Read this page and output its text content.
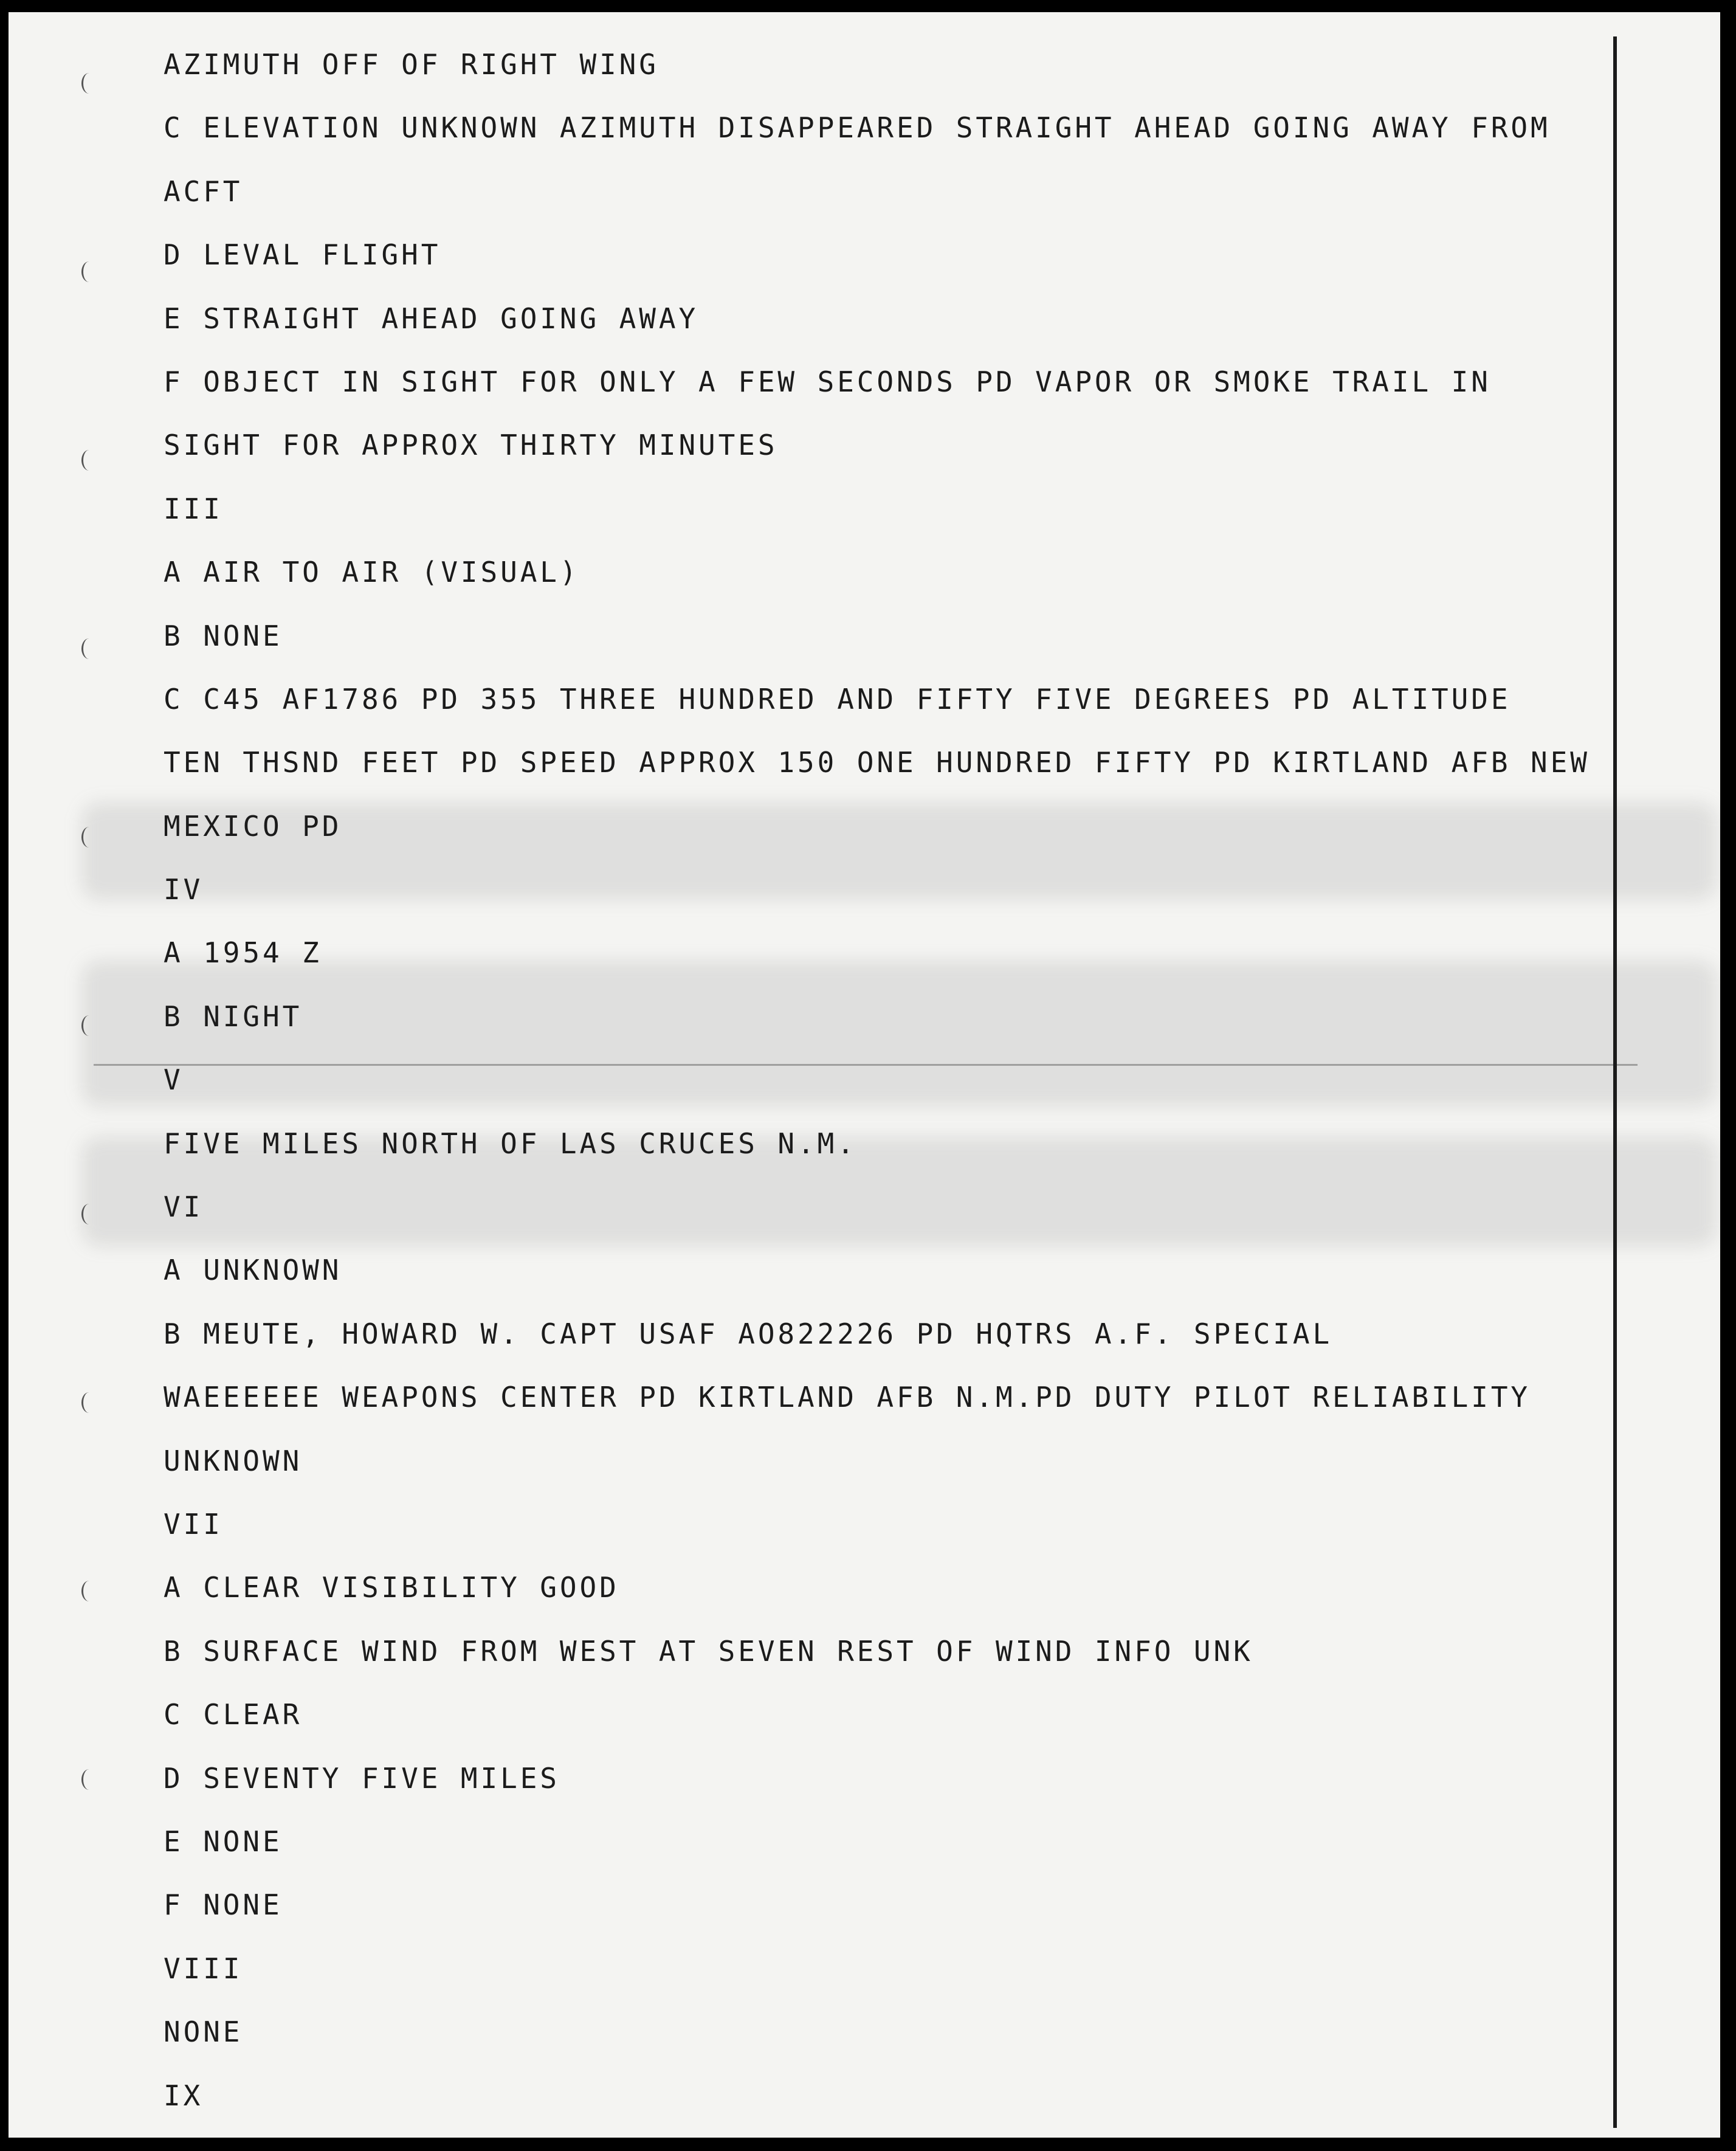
AZIMUTH OFF OF RIGHT WING
C ELEVATION UNKNOWN AZIMUTH DISAPPEARED STRAIGHT AHEAD GOING AWAY FROM
ACFT
D LEVAL FLIGHT
E STRAIGHT AHEAD GOING AWAY
F OBJECT IN SIGHT FOR ONLY A FEW SECONDS PD VAPOR OR SMOKE TRAIL IN
SIGHT FOR APPROX THIRTY MINUTES
III
A AIR TO AIR (VISUAL)
B NONE
C C45 AF1786 PD 355 THREE HUNDRED AND FIFTY FIVE DEGREES PD ALTITUDE
TEN THSND FEET PD SPEED APPROX 150 ONE HUNDRED FIFTY PD KIRTLAND AFB NEW
MEXICO PD
IV
A 1954 Z
B NIGHT
V
FIVE MILES NORTH OF LAS CRUCES N.M.
VI
A UNKNOWN
B MEUTE, HOWARD W. CAPT USAF AO822226 PD HQTRS A.F. SPECIAL
WAEEEEEE WEAPONS CENTER PD KIRTLAND AFB N.M.PD DUTY PILOT RELIABILITY
UNKNOWN
VII
A CLEAR VISIBILITY GOOD
B SURFACE WIND FROM WEST AT SEVEN REST OF WIND INFO UNK
C CLEAR
D SEVENTY FIVE MILES
E NONE
F NONE
VIII
NONE
IX
